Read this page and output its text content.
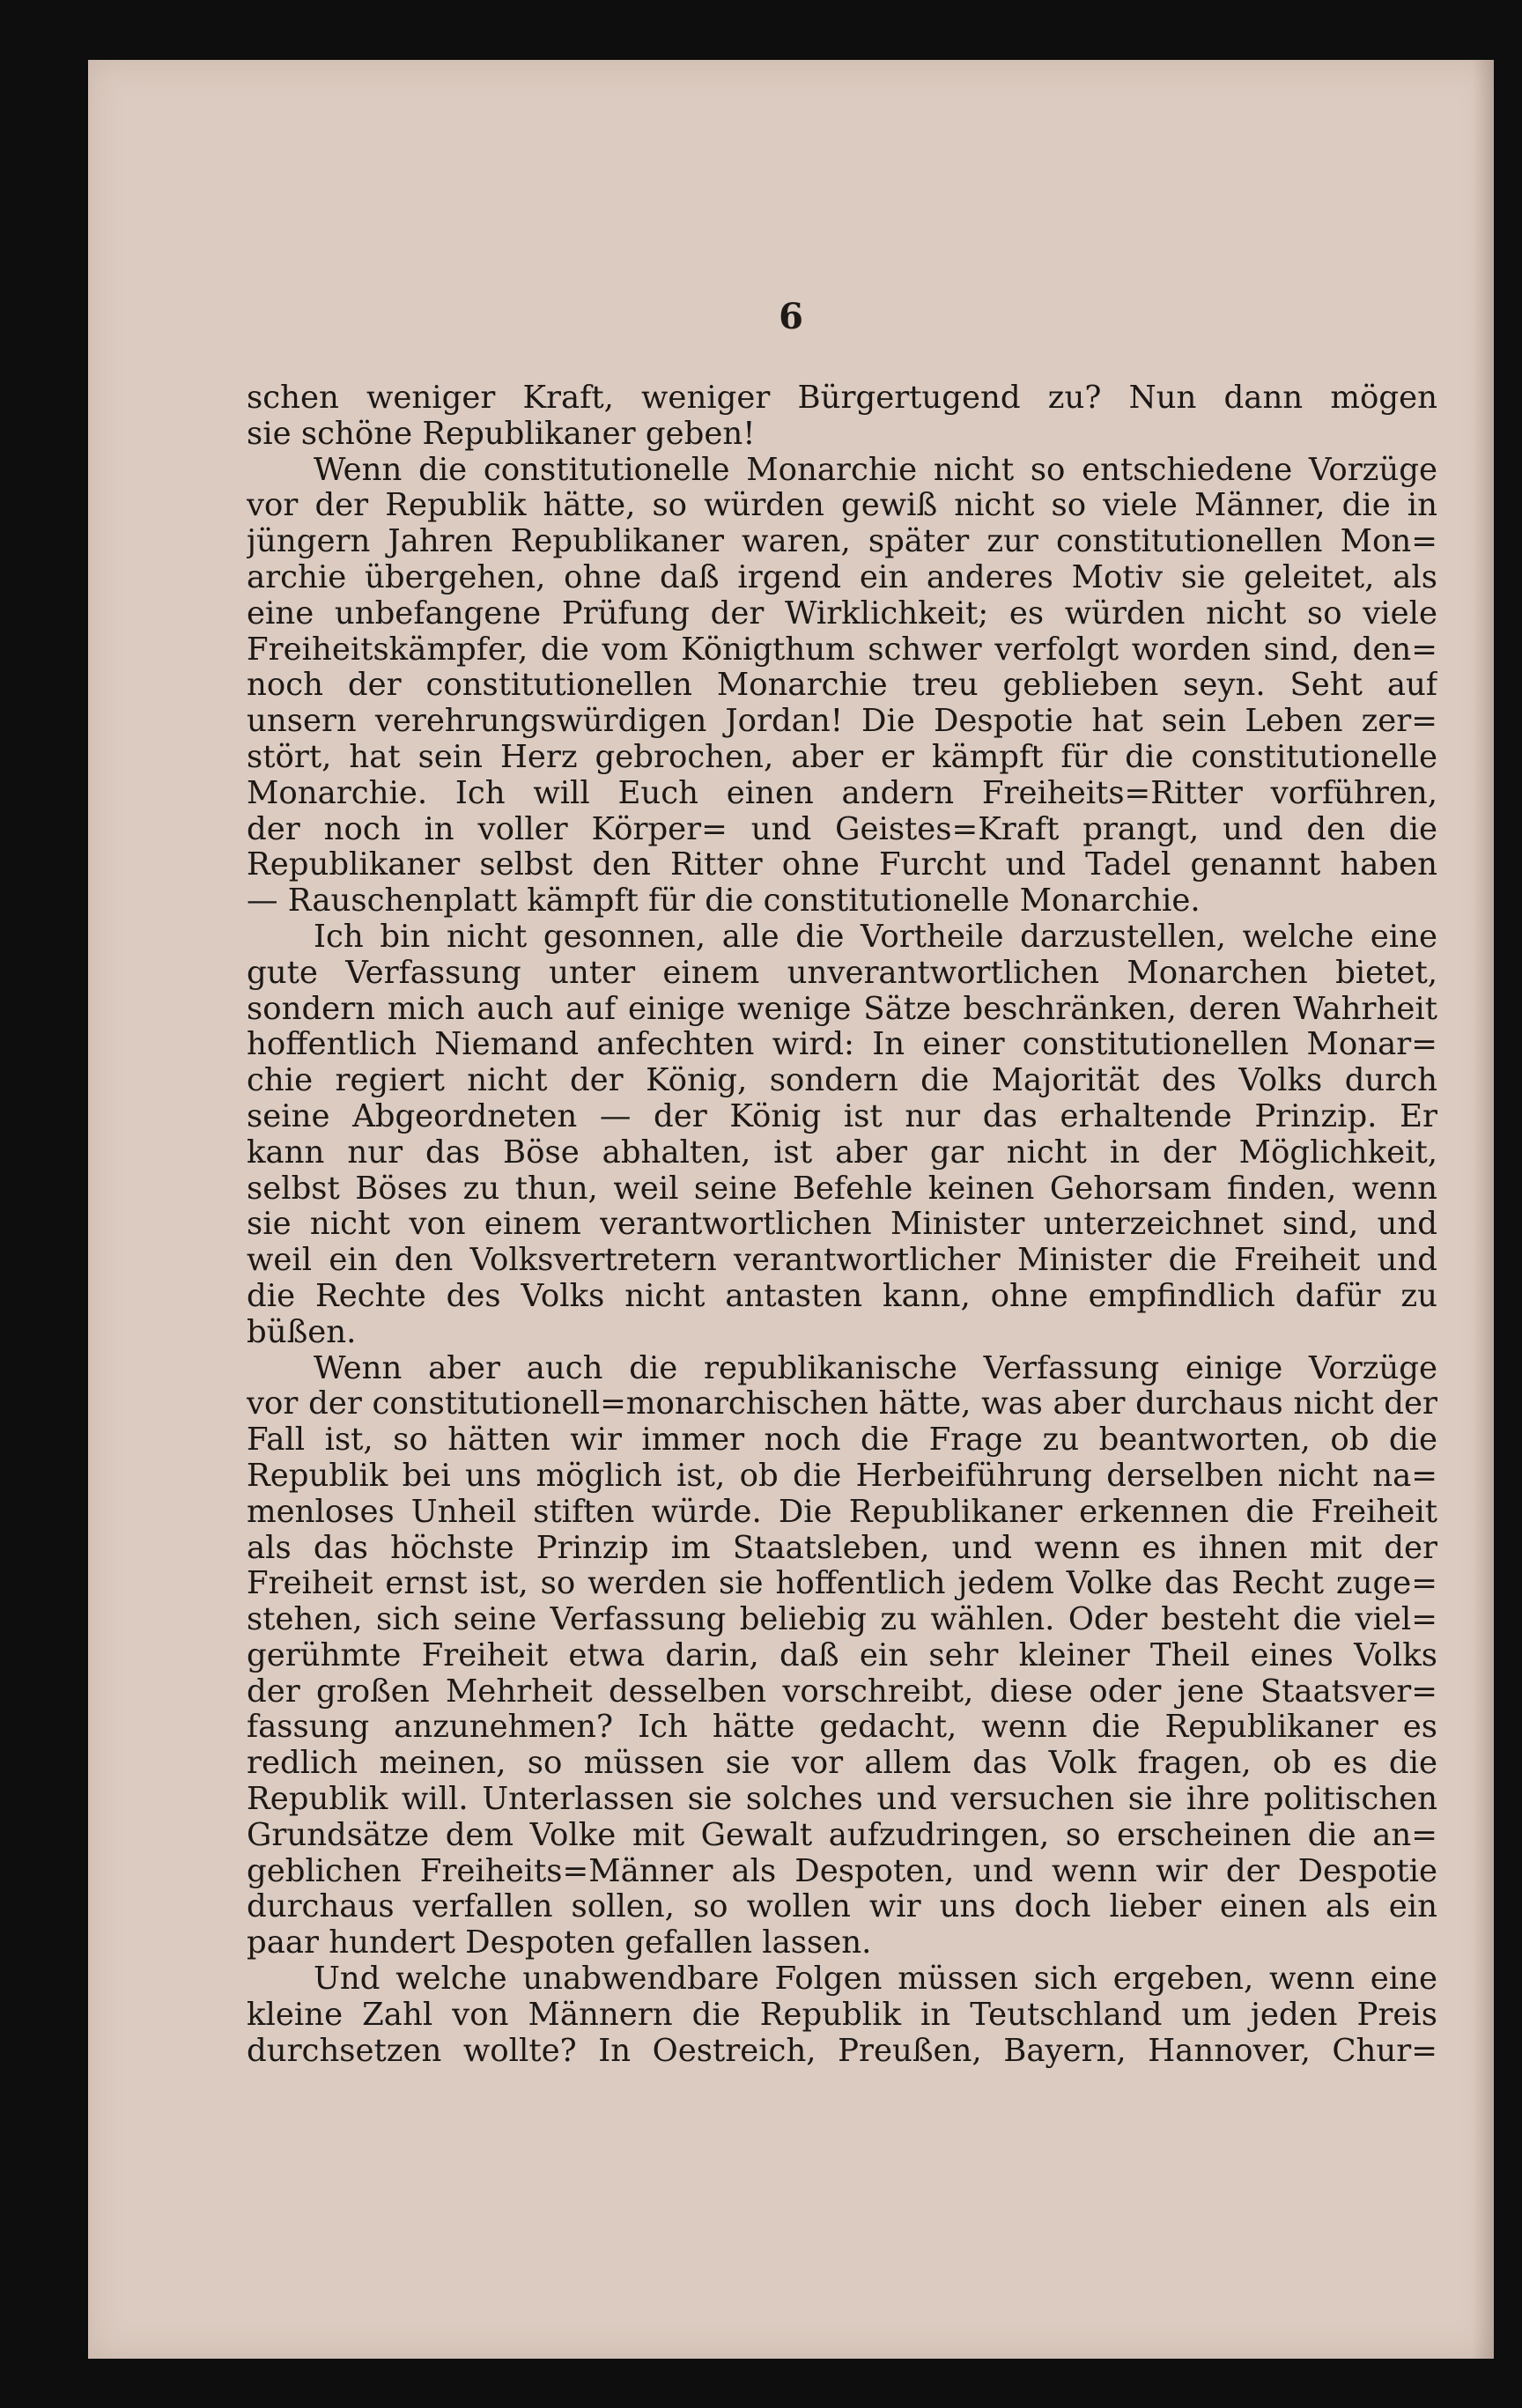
6
schen weniger Kraft, weniger Bürgertugend zu? Nun dann mögen
sie schöne Republikaner geben!
Wenn die constitutionelle Monarchie nicht so entschiedene Vorzüge
vor der Republik hätte, so würden gewiß nicht so viele Männer, die in
jüngern Jahren Republikaner waren, später zur constitutionellen Mon=
archie übergehen, ohne daß irgend ein anderes Motiv sie geleitet, als
eine unbefangene Prüfung der Wirklichkeit; es würden nicht so viele
Freiheitskämpfer, die vom Königthum schwer verfolgt worden sind, den=
noch der constitutionellen Monarchie treu geblieben seyn. Seht auf
unsern verehrungswürdigen Jordan! Die Despotie hat sein Leben zer=
stört, hat sein Herz gebrochen, aber er kämpft für die constitutionelle
Monarchie. Ich will Euch einen andern Freiheits=Ritter vorführen,
der noch in voller Körper= und Geistes=Kraft prangt, und den die
Republikaner selbst den Ritter ohne Furcht und Tadel genannt haben
— Rauschenplatt kämpft für die constitutionelle Monarchie.
Ich bin nicht gesonnen, alle die Vortheile darzustellen, welche eine
gute Verfassung unter einem unverantwortlichen Monarchen bietet,
sondern mich auch auf einige wenige Sätze beschränken, deren Wahrheit
hoffentlich Niemand anfechten wird: In einer constitutionellen Monar=
chie regiert nicht der König, sondern die Majorität des Volks durch
seine Abgeordneten — der König ist nur das erhaltende Prinzip. Er
kann nur das Böse abhalten, ist aber gar nicht in der Möglichkeit,
selbst Böses zu thun, weil seine Befehle keinen Gehorsam finden, wenn
sie nicht von einem verantwortlichen Minister unterzeichnet sind, und
weil ein den Volksvertretern verantwortlicher Minister die Freiheit und
die Rechte des Volks nicht antasten kann, ohne empfindlich dafür zu
büßen.
Wenn aber auch die republikanische Verfassung einige Vorzüge
vor der constitutionell=monarchischen hätte, was aber durchaus nicht der
Fall ist, so hätten wir immer noch die Frage zu beantworten, ob die
Republik bei uns möglich ist, ob die Herbeiführung derselben nicht na=
menloses Unheil stiften würde. Die Republikaner erkennen die Freiheit
als das höchste Prinzip im Staatsleben, und wenn es ihnen mit der
Freiheit ernst ist, so werden sie hoffentlich jedem Volke das Recht zuge=
stehen, sich seine Verfassung beliebig zu wählen. Oder besteht die viel=
gerühmte Freiheit etwa darin, daß ein sehr kleiner Theil eines Volks
der großen Mehrheit desselben vorschreibt, diese oder jene Staatsver=
fassung anzunehmen? Ich hätte gedacht, wenn die Republikaner es
redlich meinen, so müssen sie vor allem das Volk fragen, ob es die
Republik will. Unterlassen sie solches und versuchen sie ihre politischen
Grundsätze dem Volke mit Gewalt aufzudringen, so erscheinen die an=
geblichen Freiheits=Männer als Despoten, und wenn wir der Despotie
durchaus verfallen sollen, so wollen wir uns doch lieber einen als ein
paar hundert Despoten gefallen lassen.
Und welche unabwendbare Folgen müssen sich ergeben, wenn eine
kleine Zahl von Männern die Republik in Teutschland um jeden Preis
durchsetzen wollte? In Oestreich, Preußen, Bayern, Hannover, Chur=
